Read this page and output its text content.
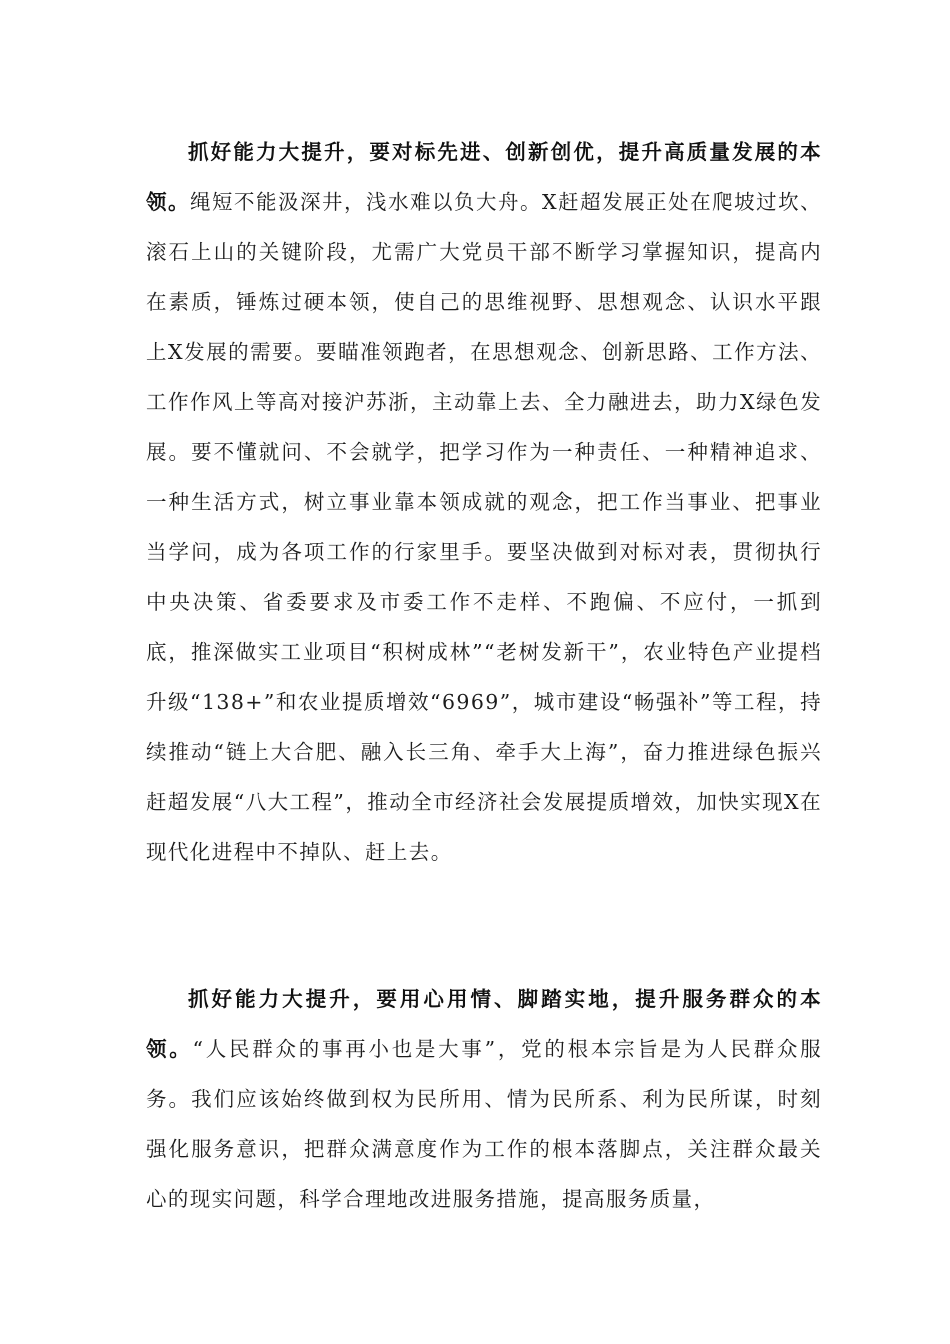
抓好能力大提升，要对标先进、创新创优，提升高质量发展的本领。绳短不能汲深井，浅水难以负大舟。X赶超发展正处在爬坡过坎、滚石上山的关键阶段，尤需广大党员干部不断学习掌握知识，提高内在素质，锤炼过硬本领，使自己的思维视野、思想观念、认识水平跟上X发展的需要。要瞄准领跑者，在思想观念、创新思路、工作方法、工作作风上等高对接沪苏浙，主动靠上去、全力融进去，助力X绿色发展。要不懂就问、不会就学，把学习作为一种责任、一种精神追求、一种生活方式，树立事业靠本领成就的观念，把工作当事业、把事业当学问，成为各项工作的行家里手。要坚决做到对标对表，贯彻执行中央决策、省委要求及市委工作不走样、不跑偏、不应付，一抓到底，推深做实工业项目“积树成林”“老树发新干”，农业特色产业提档升级“138+”和农业提质增效“6969”，城市建设“畅强补”等工程，持续推动“链上大合肥、融入长三角、牵手大上海”，奋力推进绿色振兴赶超发展“八大工程”，推动全市经济社会发展提质增效，加快实现X在现代化进程中不掉队、赶上去。

抓好能力大提升，要用心用情、脚踏实地，提升服务群众的本领。“人民群众的事再小也是大事”，党的根本宗旨是为人民群众服务。我们应该始终做到权为民所用、情为民所系、利为民所谋，时刻强化服务意识，把群众满意度作为工作的根本落脚点，关注群众最关心的现实问题，科学合理地改进服务措施，提高服务质量，
